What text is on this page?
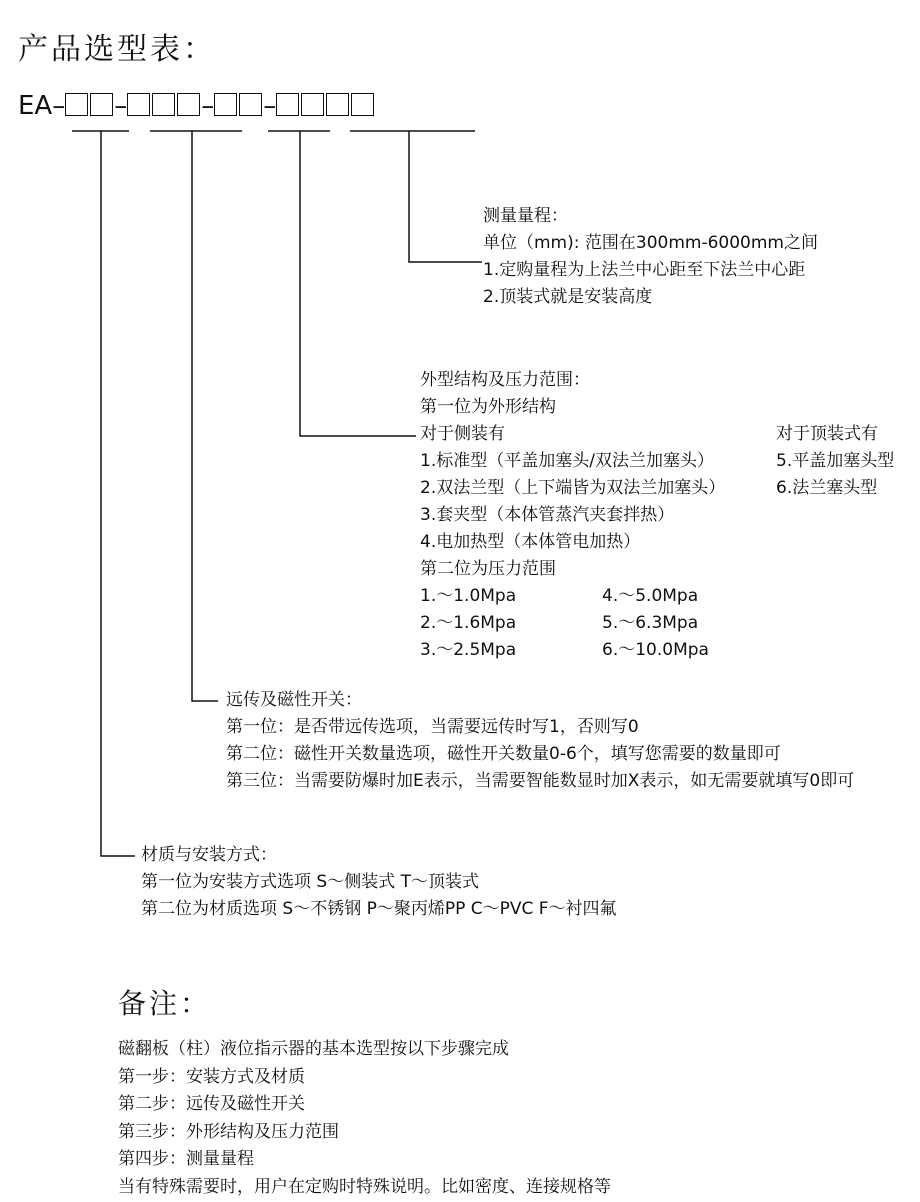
产品选型表：
EA– –	– –
测量量程：
单位（mm): 范围在300mm-6000mm之间
1.定购量程为上法兰中心距至下法兰中心距
2.顶装式就是安装高度
外型结构及压力范围：
第一位为外形结构
对于侧装有
1.标准型（平盖加塞头/双法兰加塞头）
2.双法兰型（上下端皆为双法兰加塞头）
3.套夹型（本体管蒸汽夹套拌热）
4.电加热型（本体管电加热）
第二位为压力范围
1.～1.0Mpa
2.～1.6Mpa
3.～2.5Mpa
对于顶装式有
5.平盖加塞头型
6.法兰塞头型
4.～5.0Mpa
5.～6.3Mpa
6.～10.0Mpa
远传及磁性开关：
第一位：是否带远传选项，当需要远传时写1，否则写0
第二位：磁性开关数量选项，磁性开关数量0-6个，填写您需要的数量即可
第三位：当需要防爆时加E表示，当需要智能数显时加X表示，如无需要就填写0即可
材质与安装方式：
第一位为安装方式选项 S～侧装式 T～顶装式
第二位为材质选项 S～不锈钢 P～聚丙烯PP C～PVC F～衬四氟
备注：
磁翻板（柱）液位指示器的基本选型按以下步骤完成
第一步：安装方式及材质
第二步：远传及磁性开关
第三步：外形结构及压力范围
第四步：测量量程
当有特殊需要时，用户在定购时特殊说明。比如密度、连接规格等
